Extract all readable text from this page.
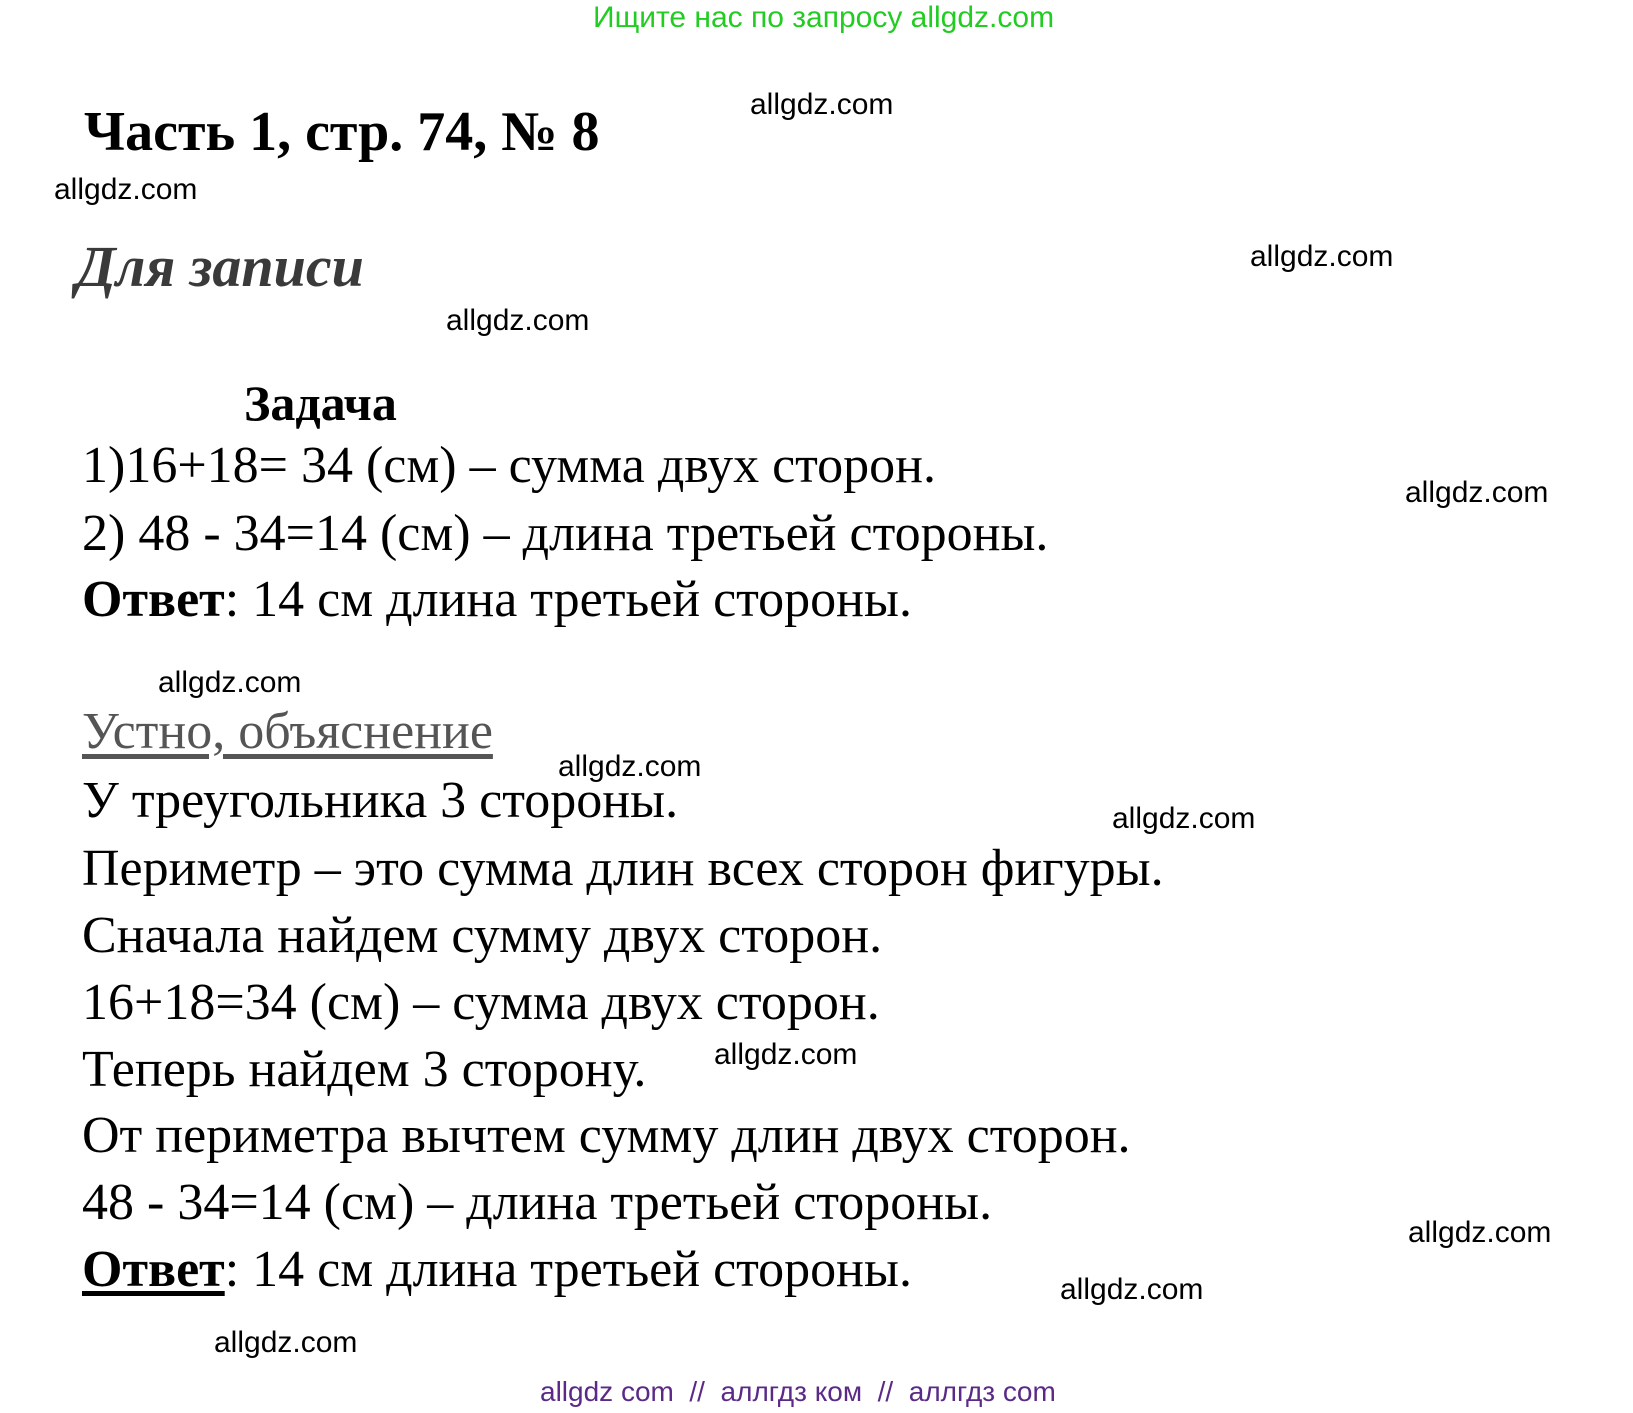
Ищите нас по запросу allgdz.com
Часть 1, стр. 74, № 8
Для записи
Задача
1)16+18= 34 (см) – сумма двух сторон.
2) 48 - 34=14 (см) – длина третьей стороны.
Ответ: 14 см длина третьей стороны.
Устно, объяснение
У треугольника 3 стороны.
Периметр – это сумма длин всех сторон фигуры.
Сначала найдем сумму двух сторон.
16+18=34 (см) – сумма двух сторон.
Теперь найдем 3 сторону.
От периметра вычтем сумму длин двух сторон.
48 - 34=14 (см) – длина третьей стороны.
Ответ: 14 см длина третьей стороны.
allgdz.com
allgdz.com
allgdz.com
allgdz.com
allgdz.com
allgdz.com
allgdz.com
allgdz.com
allgdz.com
allgdz.com
allgdz.com
allgdz.com
allgdz com // аллгдз ком // аллгдз com
